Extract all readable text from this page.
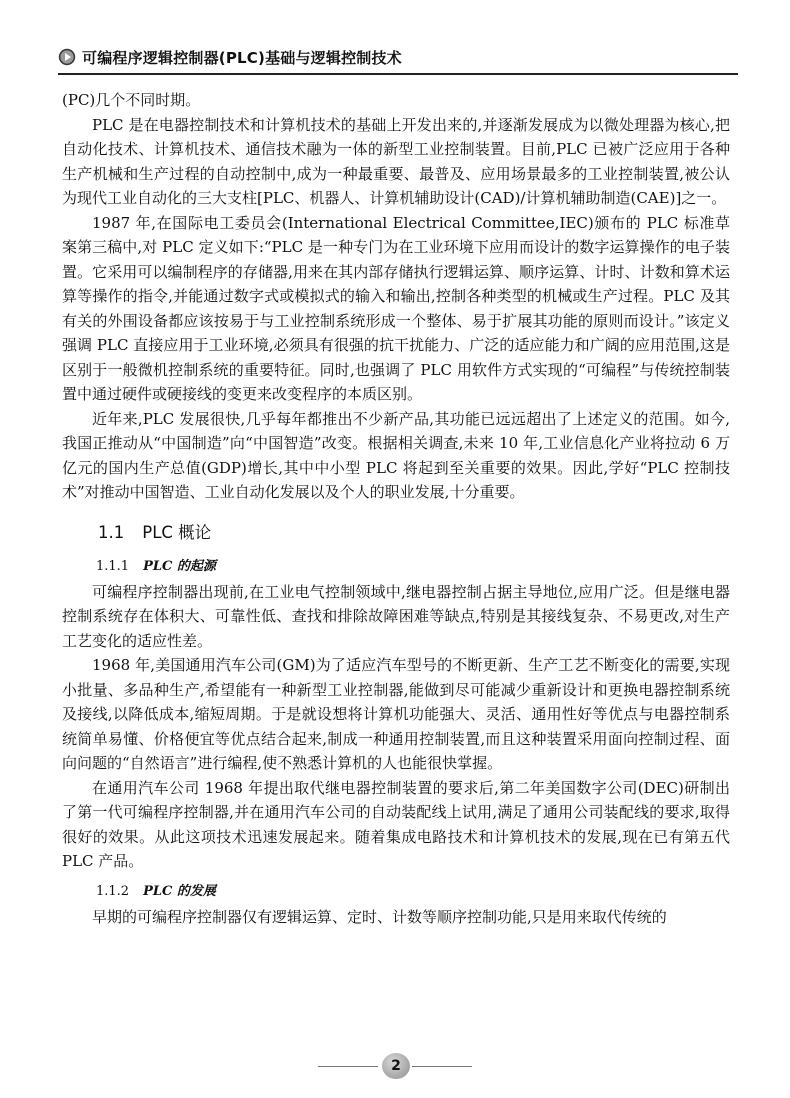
可编程序逻辑控制器(PLC)基础与逻辑控制技术

(PC)几个不同时期。

PLC 是在电器控制技术和计算机技术的基础上开发出来的,并逐渐发展成为以微处理器为核心,把自动化技术、计算机技术、通信技术融为一体的新型工业控制装置。目前,PLC 已被广泛应用于各种生产机械和生产过程的自动控制中,成为一种最重要、最普及、应用场景最多的工业控制装置,被公认为现代工业自动化的三大支柱[PLC、机器人、计算机辅助设计(CAD)/计算机辅助制造(CAE)]之一。

1987 年,在国际电工委员会(International Electrical Committee,IEC)颁布的 PLC 标准草案第三稿中,对 PLC 定义如下:“PLC 是一种专门为在工业环境下应用而设计的数字运算操作的电子装置。它采用可以编制程序的存储器,用来在其内部存储执行逻辑运算、顺序运算、计时、计数和算术运算等操作的指令,并能通过数字式或模拟式的输入和输出,控制各种类型的机械或生产过程。PLC 及其有关的外围设备都应该按易于与工业控制系统形成一个整体、易于扩展其功能的原则而设计。”该定义强调 PLC 直接应用于工业环境,必须具有很强的抗干扰能力、广泛的适应能力和广阔的应用范围,这是区别于一般微机控制系统的重要特征。同时,也强调了 PLC 用软件方式实现的“可编程”与传统控制装置中通过硬件或硬接线的变更来改变程序的本质区别。

近年来,PLC 发展很快,几乎每年都推出不少新产品,其功能已远远超出了上述定义的范围。如今,我国正推动从“中国制造”向“中国智造”改变。根据相关调查,未来 10 年,工业信息化产业将拉动 6 万亿元的国内生产总值(GDP)增长,其中中小型 PLC 将起到至关重要的效果。因此,学好“PLC 控制技术”对推动中国智造、工业自动化发展以及个人的职业发展,十分重要。

1.1 PLC 概论
1.1.1 PLC 的起源

可编程序控制器出现前,在工业电气控制领域中,继电器控制占据主导地位,应用广泛。但是继电器控制系统存在体积大、可靠性低、查找和排除故障困难等缺点,特别是其接线复杂、不易更改,对生产工艺变化的适应性差。

1968 年,美国通用汽车公司(GM)为了适应汽车型号的不断更新、生产工艺不断变化的需要,实现小批量、多品种生产,希望能有一种新型工业控制器,能做到尽可能减少重新设计和更换电器控制系统及接线,以降低成本,缩短周期。于是就设想将计算机功能强大、灵活、通用性好等优点与电器控制系统简单易懂、价格便宜等优点结合起来,制成一种通用控制装置,而且这种装置采用面向控制过程、面向问题的“自然语言”进行编程,使不熟悉计算机的人也能很快掌握。

在通用汽车公司 1968 年提出取代继电器控制装置的要求后,第二年美国数字公司(DEC)研制出了第一代可编程序控制器,并在通用汽车公司的自动装配线上试用,满足了通用公司装配线的要求,取得很好的效果。从此这项技术迅速发展起来。随着集成电路技术和计算机技术的发展,现在已有第五代 PLC 产品。

1.1.2 PLC 的发展

早期的可编程序控制器仅有逻辑运算、定时、计数等顺序控制功能,只是用来取代传统的

2
